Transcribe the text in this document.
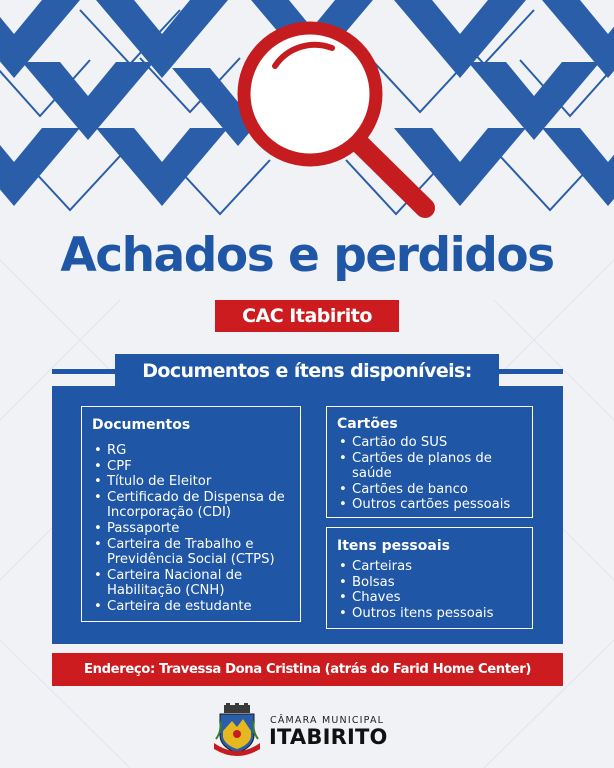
Achados e perdidos
CAC Itabirito
Documentos e ítens disponíveis:
Documentos
• RG
• CPF
• Título de Eleitor
• Certificado de Dispensa de Incorporação (CDI)
• Passaporte
• Carteira de Trabalho e Previdência Social (CTPS)
• Carteira Nacional de Habilitação (CNH)
• Carteira de estudante
Cartões
• Cartão do SUS
• Cartões de planos de saúde
• Cartões de banco
• Outros cartões pessoais
Itens pessoais
• Carteiras
• Bolsas
• Chaves
• Outros itens pessoais
Endereço: Travessa Dona Cristina (atrás do Farid Home Center)
CÂMARA MUNICIPAL
ITABIRITO
